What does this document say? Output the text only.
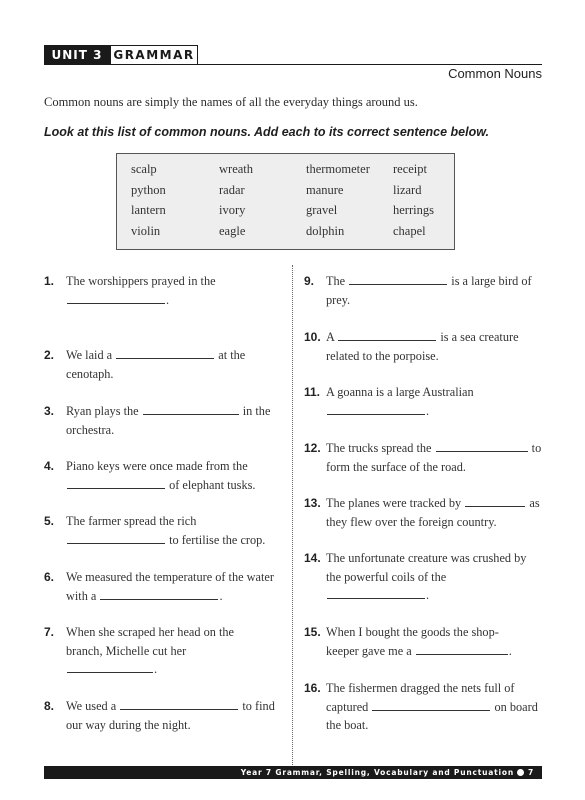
UNIT 3 GRAMMAR
Common Nouns
Common nouns are simply the names of all the everyday things around us.
Look at this list of common nouns. Add each to its correct sentence below.
scalp	wreath	thermometer	receipt
python	radar	manure	lizard
lantern	ivory	gravel	herrings
violin	eagle	dolphin	chapel
1. The worshippers prayed in the .
2. We laid a	at the cenotaph.
3. Ryan plays the	in the orchestra.
4. Piano keys were once made from the  of elephant tusks.
5. The farmer spread the rich  to fertilise the crop.
6. We measured the temperature of the water with a	.
7. When she scraped her head on the branch, Michelle cut her .
8. We used a	to find our way during the night.
9. The	is a large bird of prey.
10. A	is a sea creature related to the porpoise.
11. A goanna is a large Australian .
12. The trucks spread the	to form the surface of the road.
13. The planes were tracked by	as they flew over the foreign country.
14. The unfortunate creature was crushed by the powerful coils of the .
15. When I bought the goods the shop-keeper gave me a	.
16. The fishermen dragged the nets full of captured	on board the boat.
Year 7 Grammar, Spelling, Vocabulary and Punctuation 7
